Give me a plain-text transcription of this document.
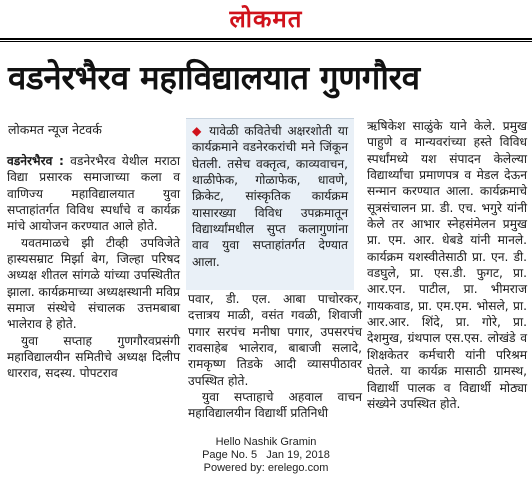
लोकमत
वडनेरभैरव महाविद्यालयात गुणगौरव
लोकमत न्यूज नेटवर्क

वडनेरभैरव : वडनेरभैरव येथील मराठा विद्या प्रसारक समाजाच्या कला व वाणिज्य महाविद्यालयात युवा सप्ताहांतर्गत विविध स्पर्धांचे व कार्यक्र मांचे आयोजन करण्यात आले होते.

यवतमाळचे झी टीव्ही उपविजेते हास्यसम्राट मिर्झा बेग, जिल्हा परिषद अध्यक्ष शीतल सांगळे यांच्या उपस्थितीत झाला. कार्यक्रमाच्या अध्यक्षस्थानी मविप्र समाज संस्थेचे संचालक उत्तमबाबा भालेराव हे होते.

युवा सप्ताह गुणगौरवप्रसंगी महाविद्यालयीन समितीचे अध्यक्ष दिलीप धारराव, सदस्य. पोपटराव

◆ यावेळी कवितेची अक्षरशोती या कार्यक्रमाने वडनेरकरांची मने जिंकून घेतली. तसेच वक्तृत्व, काव्यवाचन, थाळीफेक, गोळाफेक, धावणे, क्रिकेट, सांस्कृतिक कार्यक्रम यासारख्या विविध उपक्रमातून विद्यार्थ्यांमधील सुप्त कलागुणांना वाव युवा सप्ताहांतर्गत देण्यात आला.

पवार, डी. एल. आबा पाचोरकर, दत्तात्रय माळी, वसंत गवळी, शिवाजी पगार सरपंच मनीषा पगार, उपसरपंच रावसाहेब भालेराव, बाबाजी सलादे, रामकृष्ण तिडके आदी व्यासपीठावर उपस्थित होते.

युवा सप्ताहाचे अहवाल वाचन महाविद्यालयीन विद्यार्थी प्रतिनिधी

ऋषिकेश साळुंके याने केले. प्रमुख पाहुणे व मान्यवरांच्या हस्ते विविध स्पर्धांमध्ये यश संपादन केलेल्या विद्यार्थ्यांचा प्रमाणपत्र व मेडल देऊन सन्मान करण्यात आला. कार्यक्रमाचे सूत्रसंचालन प्रा. डी. एच. भगुरे यांनी केले तर आभार स्नेहसंमेलन प्रमुख प्रा. एम. आर. धेबडे यांनी मानले. कार्यक्रम यशस्वीतेसाठी प्रा. एन. डी. वडघुले, प्रा. एस.डी. फुगट, प्रा. आर.एन. पाटील, प्रा. भीमराज गायकवाड, प्रा. एम.एम. भोसले, प्रा. आर.आर. शिंदे, प्रा. गोरे, प्रा. देशमुख, ग्रंथपाल एस.एस. लोखंडे व शिक्षकेतर कर्मचारी यांनी परिश्रम घेतले. या कार्यक्र मासाठी ग्रामस्थ, विद्यार्थी पालक व विद्यार्थी मोठ्या संख्येने उपस्थित होते.

Hello Nashik Gramin
Page No. 5   Jan 19, 2018
Powered by: erelego.com
